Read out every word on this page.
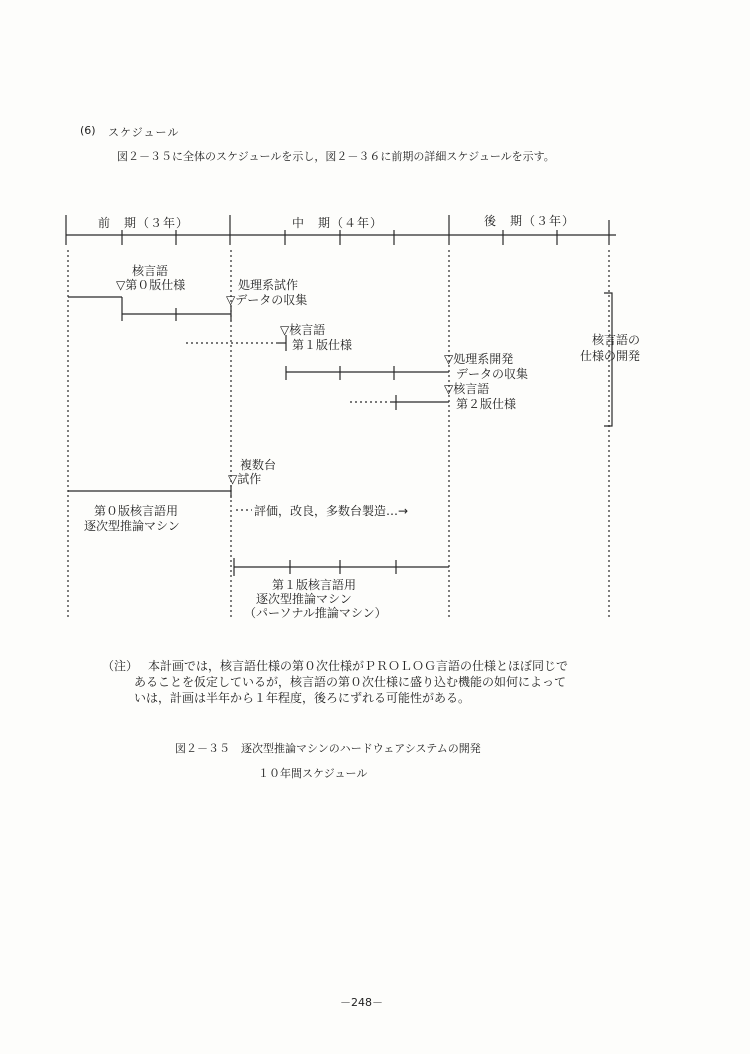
(6) スケジュール
図２－３５に全体のスケジュールを示し，図２－３６に前期の詳細スケジュールを示す。
前　期（３年）	中　期（４年）	後　期（３年）
核言語
▽第０版仕様	処理系試作
▽データの収集
▽核言語
第１版仕様
▽処理系開発
データの収集
▽核言語
第２版仕様
核言語の
仕様の開発
複数台
▽試作
評価，改良，多数台製造…→
第０版核言語用
逐次型推論マシン
第１版核言語用
逐次型推論マシン
（パーソナル推論マシン）
（注） 本計画では，核言語仕様の第０次仕様がＰＲＯＬＯＧ言語の仕様とほぼ同じで
あることを仮定しているが，核言語の第０次仕様に盛り込む機能の如何によって
いは，計画は半年から１年程度，後ろにずれる可能性がある。
図２－３５　逐次型推論マシンのハードウェアシステムの開発
１０年間スケジュール
－248－
